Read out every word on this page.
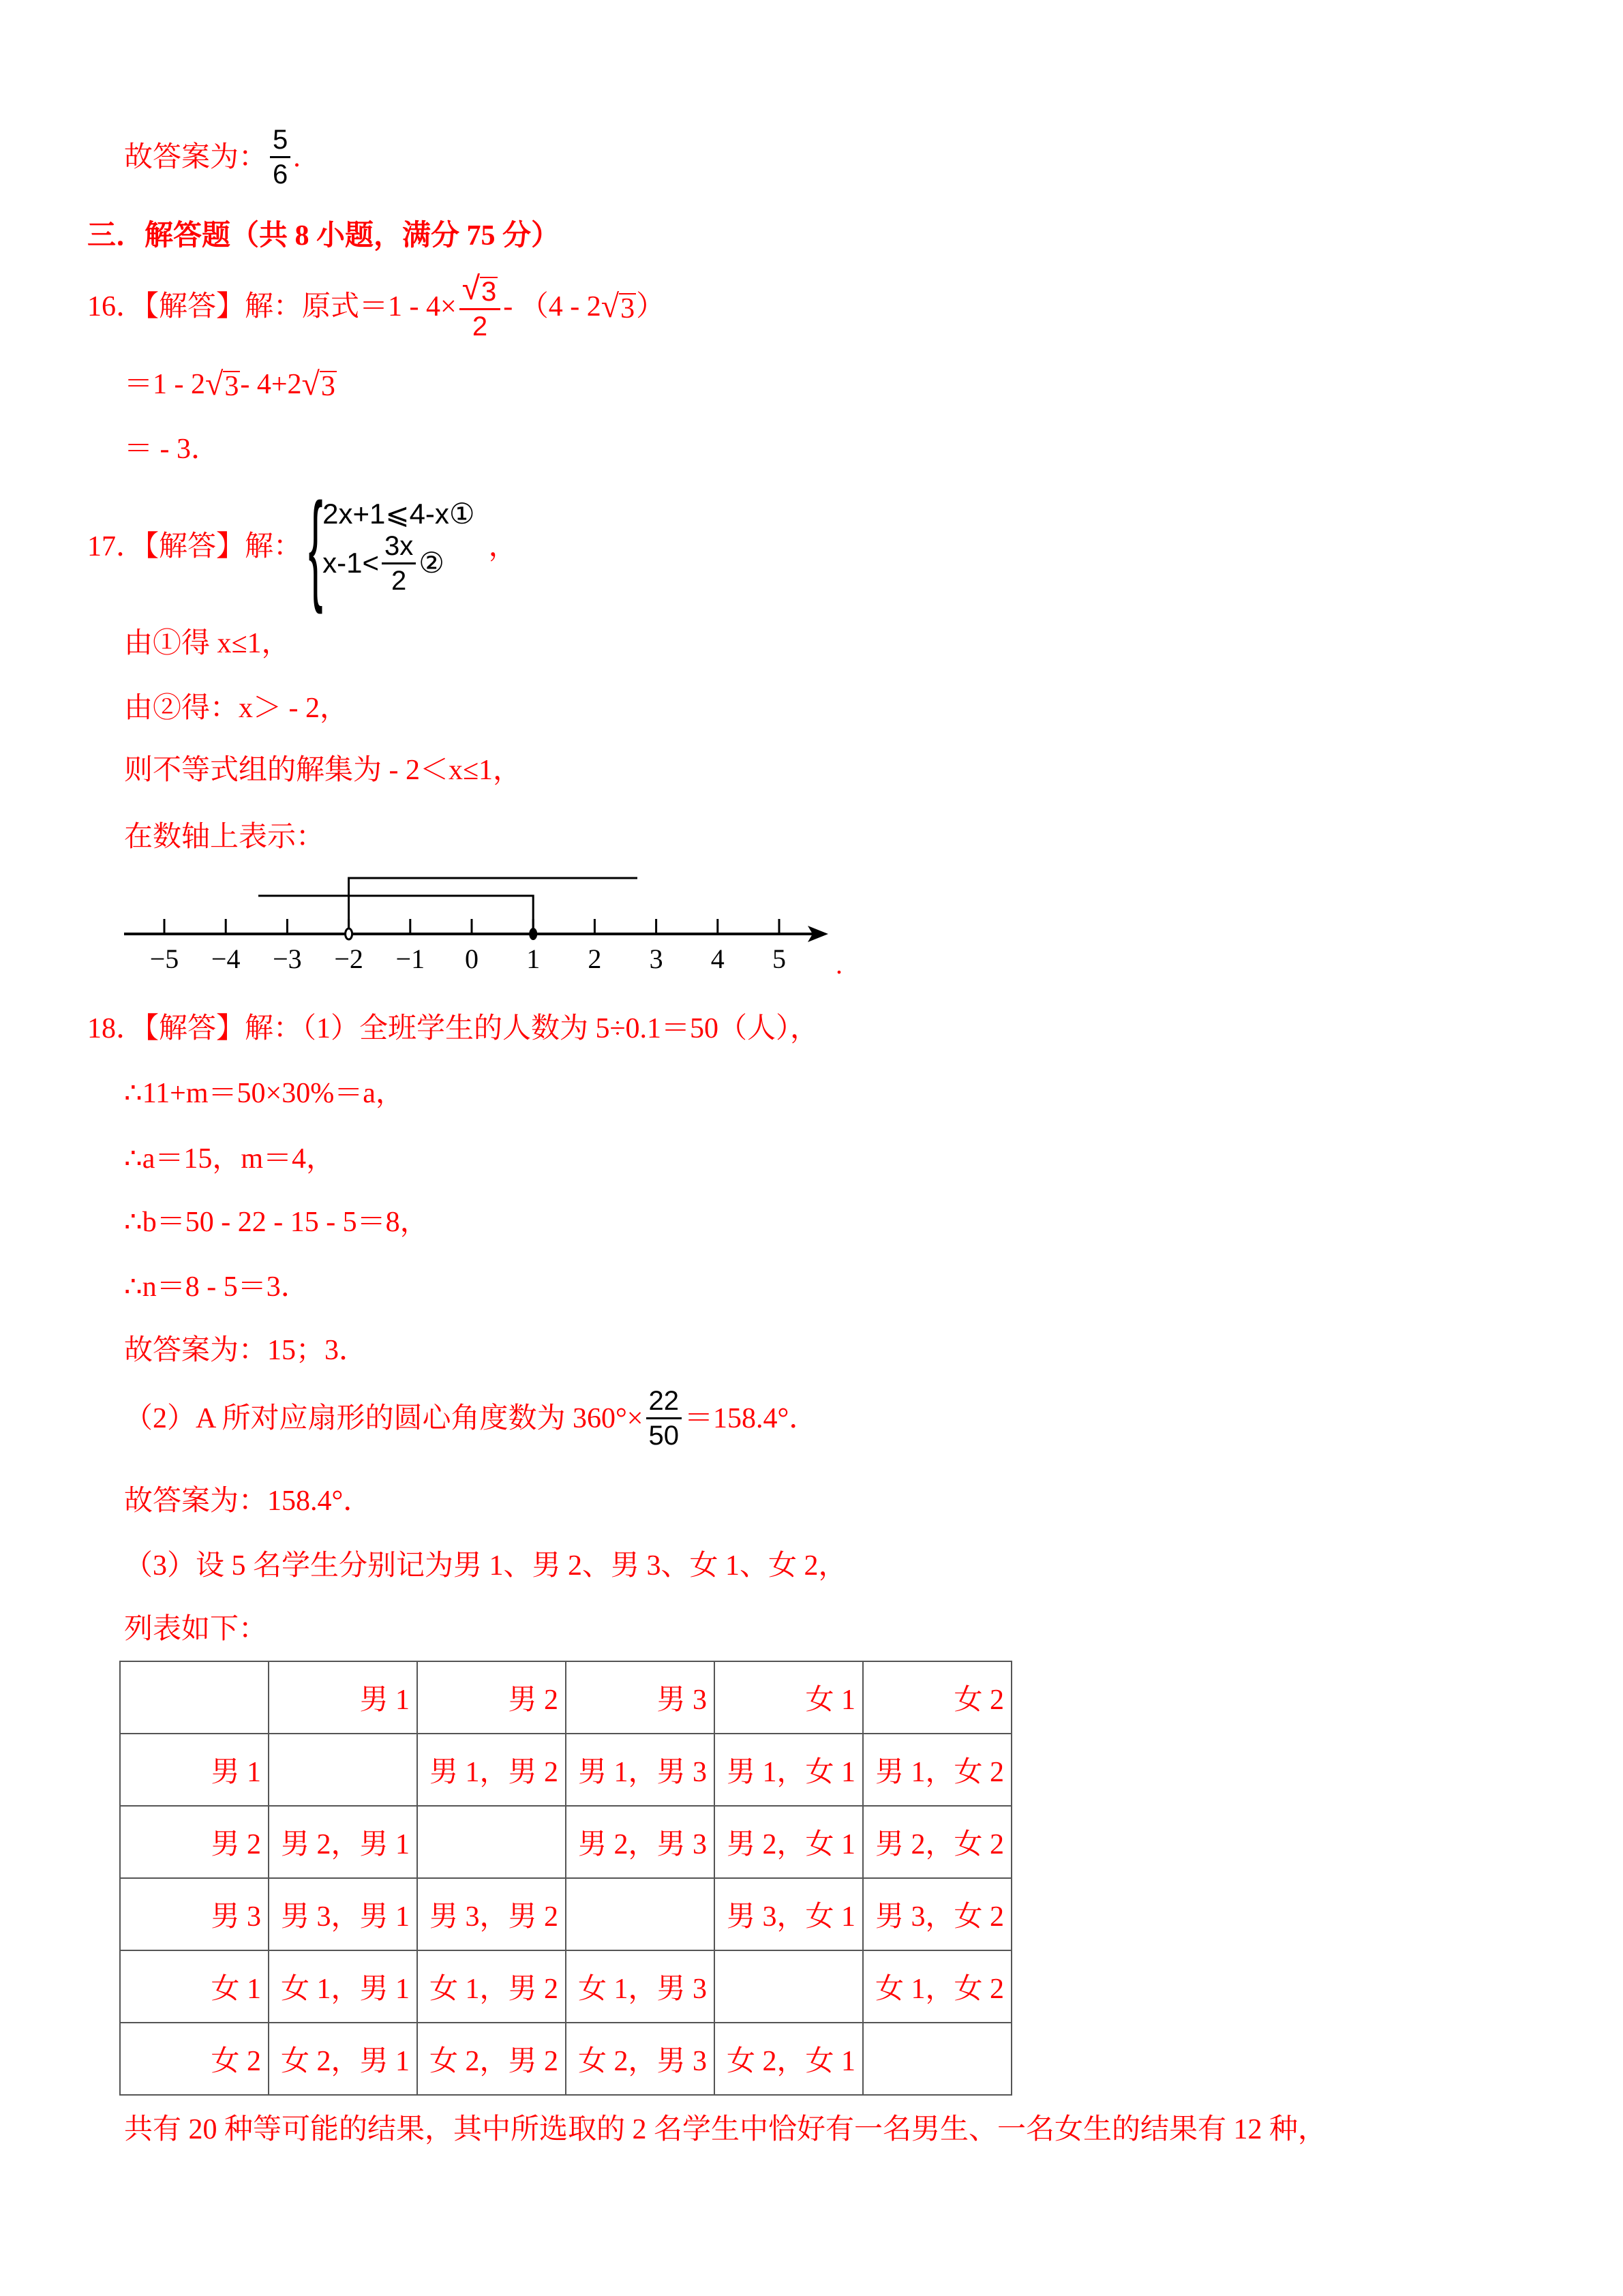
故答案为： $\frac{5}{6}$ .
三．解答题（共 8 小题，满分 75 分）
16．【解答】解：原式$=1 - 4\times \frac{√ 3}{2} - (4 - 2$ √ 3 ）
＝1 - 2 √ 3 - 4+2 √ 3
＝ - 3．
17．【解答】解： { 2x+1⩽4-x①
$x-1< \frac{3x}{2}$ ② ，
由①得 x≤1，
由②得：x＞ - 2，
则不等式组的解集为 - 2＜x≤1，
在数轴上表示：
−5 −4 −3 −2 −1 0 1 2 3 4 5 .
18．【解答】解：（1）全班学生的人数为 5÷0.1＝50（人），
∴11+m＝50×30%＝a，
∴a＝15，m＝4，
∴b＝50 - 22 - 15 - 5＝8，
∴n＝8 - 5＝3．
故答案为：15；3．
（2）A 所对应扇形的圆心角度数为 $360^\circ\times \frac{22}{50} =158.4^\circ$．
故答案为：158.4°．
（3）设 5 名学生分别记为男 1、男 2、男 3、女 1、女 2，
列表如下：
	男 1	男 2	男 3	女 1	女 2
男 1		男 1，男 2	男 1，男 3	男 1，女 1	男 1，女 2
男 2	男 2，男 1		男 2，男 3	男 2，女 1	男 2，女 2
男 3	男 3，男 1	男 3，男 2		男 3，女 1	男 3，女 2
女 1	女 1，男 1	女 1，男 2	女 1，男 3		女 1，女 2
女 2	女 2，男 1	女 2，男 2	女 2，男 3	女 2，女 1	
共有 20 种等可能的结果，其中所选取的 2 名学生中恰好有一名男生、一名女生的结果有 12 种，
